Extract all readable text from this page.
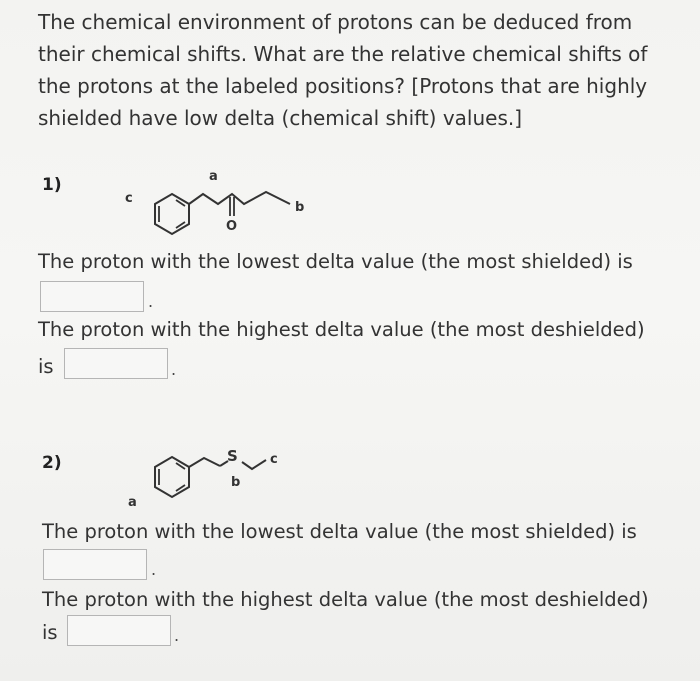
The chemical environment of protons can be deduced from
their chemical shifts. What are the relative chemical shifts of
the protons at the labeled positions? [Protons that are highly
shielded have low delta (chemical shift) values.]
1)
O
a
b
c
The proton with the lowest delta value (the most shielded) is
.
The proton with the highest delta value (the most deshielded)
is	.
2)	S
b
c
a
The proton with the lowest delta value (the most shielded) is
.
The proton with the highest delta value (the most deshielded)
is	.
